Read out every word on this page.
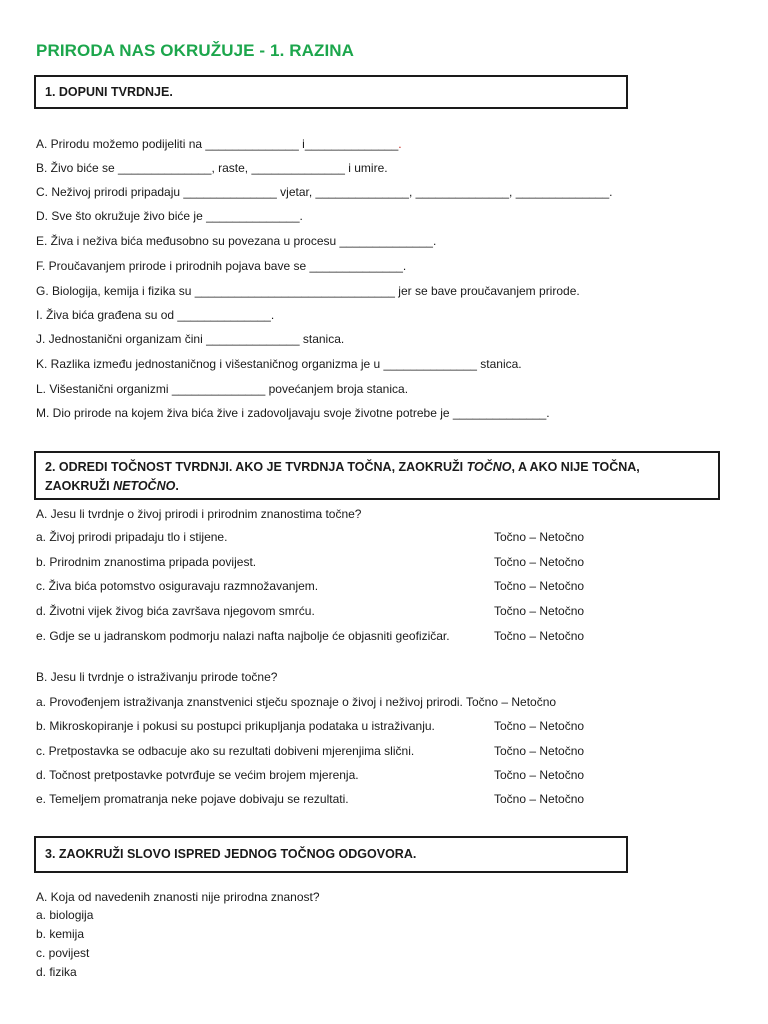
PRIRODA NAS OKRUŽUJE - 1. RAZINA
1. DOPUNI TVRDNJE.
A. Prirodu možemo podijeliti na ______________ i______________.
B. Živo biće se ______________, raste, ______________ i umire.
C. Neživoj prirodi pripadaju ______________ vjetar, ______________, ______________, ______________.
D. Sve što okružuje živo biće je ______________.
E. Živa i neživa bića međusobno su povezana u procesu ______________.
F. Proučavanjem prirode i prirodnih pojava bave se ______________.
G. Biologija, kemija i fizika su ______________________________ jer se bave proučavanjem prirode.
I. Živa bića građena su od ______________.
J. Jednostanični organizam čini ______________ stanica.
K. Razlika između jednostaničnog i višestaničnog organizma je u ______________ stanica.
L. Višestanični organizmi ______________ povećanjem broja stanica.
M. Dio prirode na kojem živa bića žive i zadovoljavaju svoje životne potrebe je ______________.
2. ODREDI TOČNOST TVRDNJI. AKO JE TVRDNJA TOČNA, ZAOKRUŽI TOČNO, A AKO NIJE TOČNA,
ZAOKRUŽI NETOČNO.
A. Jesu li tvrdnje o živoj prirodi i prirodnim znanostima točne?
a. Živoj prirodi pripadaju tlo i stijene.	Točno – Netočno
b. Prirodnim znanostima pripada povijest.	Točno – Netočno
c. Živa bića potomstvo osiguravaju razmnožavanjem.	Točno – Netočno
d. Životni vijek živog bića završava njegovom smrću.	Točno – Netočno
e. Gdje se u jadranskom podmorju nalazi nafta najbolje će objasniti geofizičar.	Točno – Netočno
B. Jesu li tvrdnje o istraživanju prirode točne?
a. Provođenjem istraživanja znanstvenici stječu spoznaje o živoj i neživoj prirodi. Točno – Netočno
b. Mikroskopiranje i pokusi su postupci prikupljanja podataka u istraživanju.	Točno – Netočno
c. Pretpostavka se odbacuje ako su rezultati dobiveni mjerenjima slični.	Točno – Netočno
d. Točnost pretpostavke potvrđuje se većim brojem mjerenja.	Točno – Netočno
e. Temeljem promatranja neke pojave dobivaju se rezultati.	Točno – Netočno
3. ZAOKRUŽI SLOVO ISPRED JEDNOG TOČNOG ODGOVORA.
A. Koja od navedenih znanosti nije prirodna znanost?
a. biologija
b. kemija
c. povijest
d. fizika
